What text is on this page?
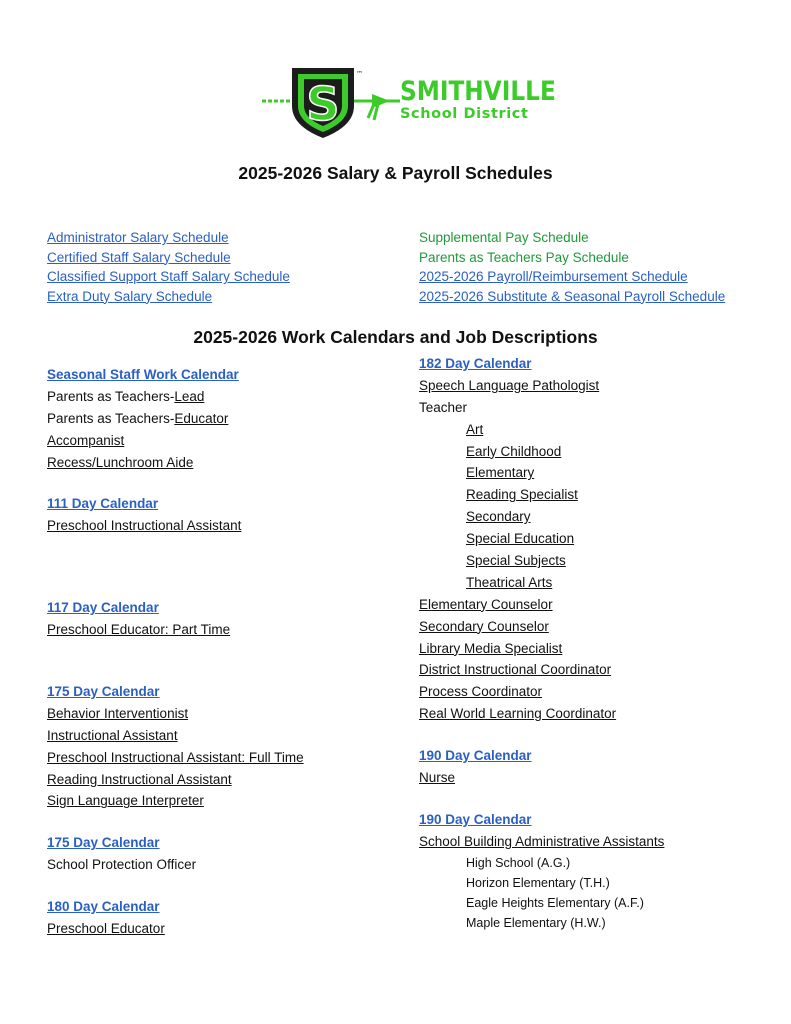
S
™
SMITHVILLE
School District
2025-2026 Salary & Payroll Schedules
Administrator Salary Schedule
Certified Staff Salary Schedule
Classified Support Staff Salary Schedule
Extra Duty Salary Schedule
Supplemental Pay Schedule
Parents as Teachers Pay Schedule
2025-2026 Payroll/Reimbursement Schedule
2025-2026 Substitute & Seasonal Payroll Schedule
2025-2026 Work Calendars and Job Descriptions
Seasonal Staff Work Calendar
Parents as Teachers-Lead
Parents as Teachers-Educator
Accompanist
Recess/Lunchroom Aide
111 Day Calendar
Preschool Instructional Assistant
117 Day Calendar
Preschool Educator: Part Time
175 Day Calendar
Behavior Interventionist
Instructional Assistant
Preschool Instructional Assistant: Full Time
Reading Instructional Assistant
Sign Language Interpreter
175 Day Calendar
School Protection Officer
180 Day Calendar
Preschool Educator
182 Day Calendar
Speech Language Pathologist
Teacher
Art
Early Childhood
Elementary
Reading Specialist
Secondary
Special Education
Special Subjects
Theatrical Arts
Elementary Counselor
Secondary Counselor
Library Media Specialist
District Instructional Coordinator
Process Coordinator
Real World Learning Coordinator
190 Day Calendar
Nurse
190 Day Calendar
School Building Administrative Assistants
High School (A.G.)
Horizon Elementary (T.H.)
Eagle Heights Elementary (A.F.)
Maple Elementary (H.W.)
